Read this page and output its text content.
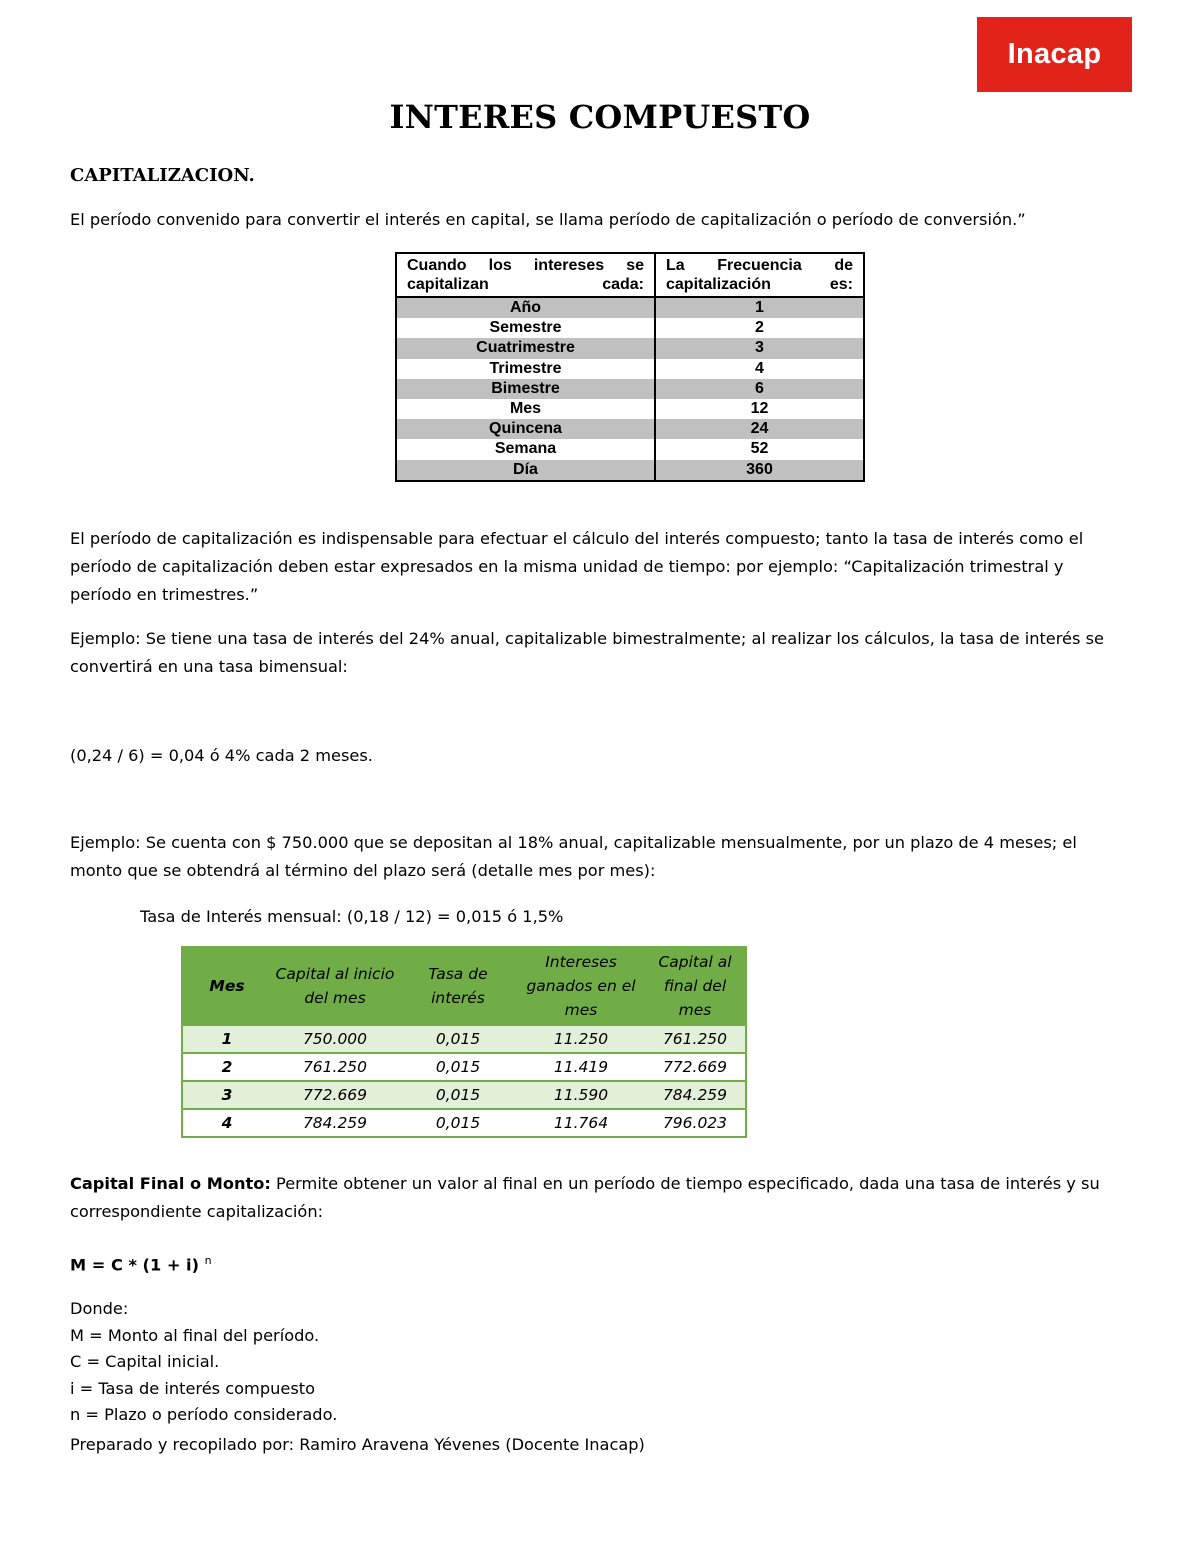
Inacap
INTERES COMPUESTO
CAPITALIZACION.
El período convenido para convertir el interés en capital, se llama período de capitalización o período de conversión.”
Cuando los intereses se capitalizan cada:	La Frecuencia de capitalización es:
Año	1
Semestre	2
Cuatrimestre	3
Trimestre	4
Bimestre	6
Mes	12
Quincena	24
Semana	52
Día	360
El período de capitalización es indispensable para efectuar el cálculo del interés compuesto; tanto la tasa de interés como el período de capitalización deben estar expresados en la misma unidad de tiempo: por ejemplo: “Capitalización trimestral y período en trimestres.”
Ejemplo: Se tiene una tasa de interés del 24% anual, capitalizable bimestralmente; al realizar los cálculos, la tasa de interés se convertirá en una tasa bimensual:
(0,24 / 6) = 0,04 ó 4% cada 2 meses.
Ejemplo: Se cuenta con $ 750.000 que se depositan al 18% anual, capitalizable mensualmente, por un plazo de 4 meses; el monto que se obtendrá al término del plazo será (detalle mes por mes):
Tasa de Interés mensual: (0,18 / 12) = 0,015 ó 1,5%
Mes	Capital al inicio del mes	Tasa de interés	Intereses ganados en el mes	Capital al final del mes
1	750.000	0,015	11.250	761.250
2	761.250	0,015	11.419	772.669
3	772.669	0,015	11.590	784.259
4	784.259	0,015	11.764	796.023
Capital Final o Monto: Permite obtener un valor al final en un período de tiempo especificado, dada una tasa de interés y su correspondiente capitalización:
M = C * (1 + i) $^n$
Donde:
M = Monto al final del período.
C = Capital inicial.
i = Tasa de interés compuesto
n = Plazo o período considerado.
Preparado y recopilado por: Ramiro Aravena Yévenes (Docente Inacap)
